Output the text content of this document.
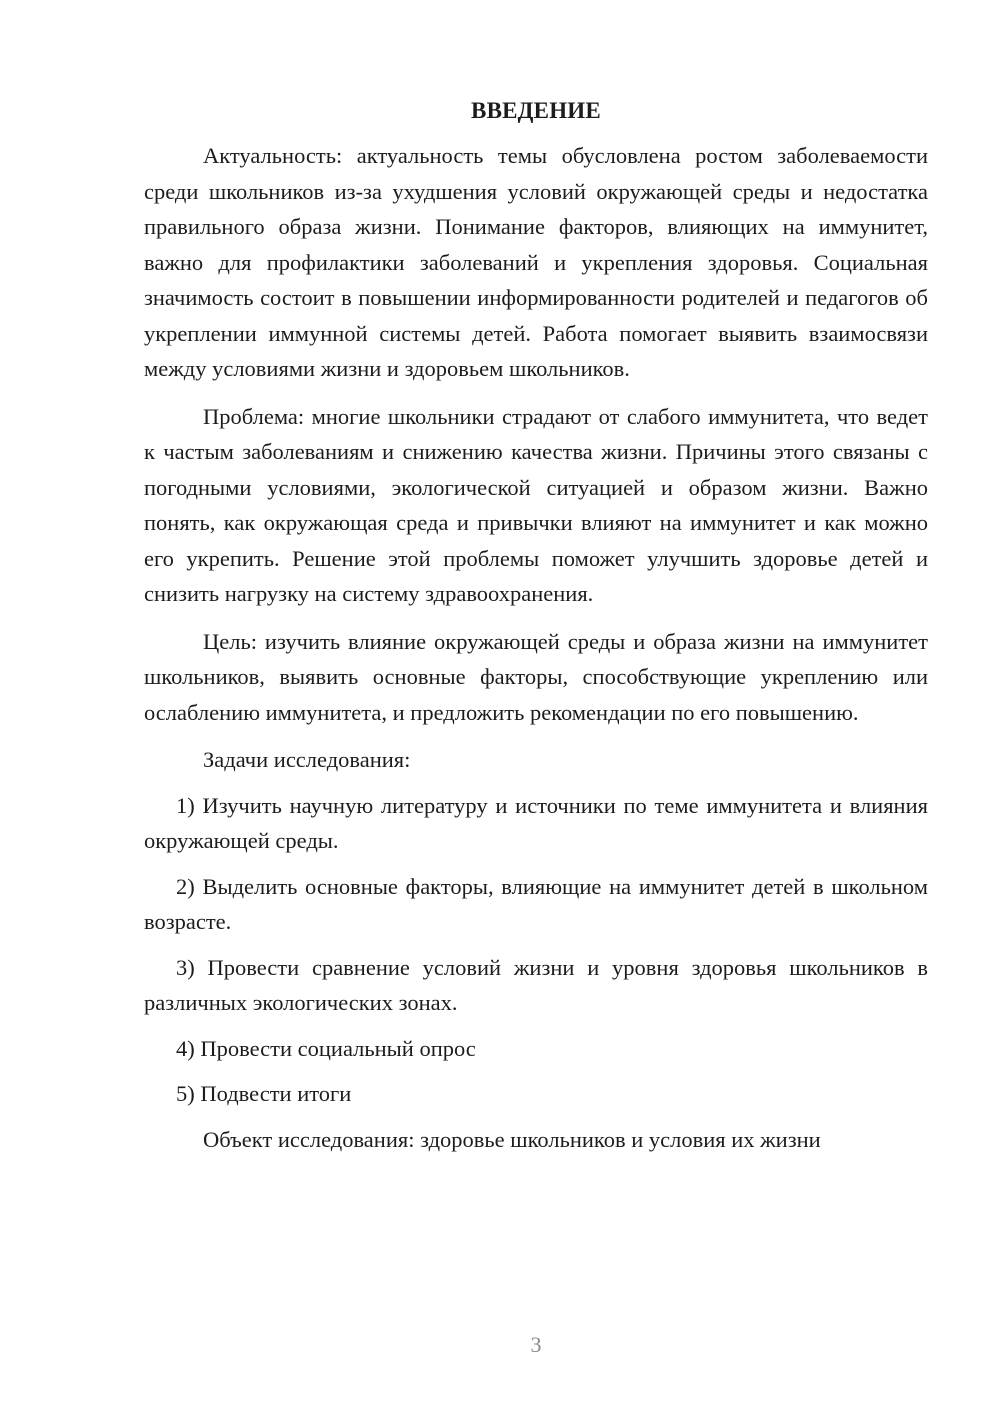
ВВЕДЕНИЕ

Актуальность: актуальность темы обусловлена ростом заболеваемости среди школьников из-за ухудшения условий окружающей среды и недостатка правильного образа жизни. Понимание факторов, влияющих на иммунитет, важно для профилактики заболеваний и укрепления здоровья. Социальная значимость состоит в повышении информированности родителей и педагогов об укреплении иммунной системы детей. Работа помогает выявить взаимосвязи между условиями жизни и здоровьем школьников.

Проблема: многие школьники страдают от слабого иммунитета, что ведет к частым заболеваниям и снижению качества жизни. Причины этого связаны с погодными условиями, экологической ситуацией и образом жизни. Важно понять, как окружающая среда и привычки влияют на иммунитет и как можно его укрепить. Решение этой проблемы поможет улучшить здоровье детей и снизить нагрузку на систему здравоохранения.

Цель: изучить влияние окружающей среды и образа жизни на иммунитет школьников, выявить основные факторы, способствующие укреплению или ослаблению иммунитета, и предложить рекомендации по его повышению.

Задачи исследования:

1) Изучить научную литературу и источники по теме иммунитета и влияния окружающей среды.

2) Выделить основные факторы, влияющие на иммунитет детей в школьном возрасте.

3) Провести сравнение условий жизни и уровня здоровья школьников в различных экологических зонах.

4) Провести социальный опрос

5) Подвести итоги

Объект исследования: здоровье школьников и условия их жизни

3
